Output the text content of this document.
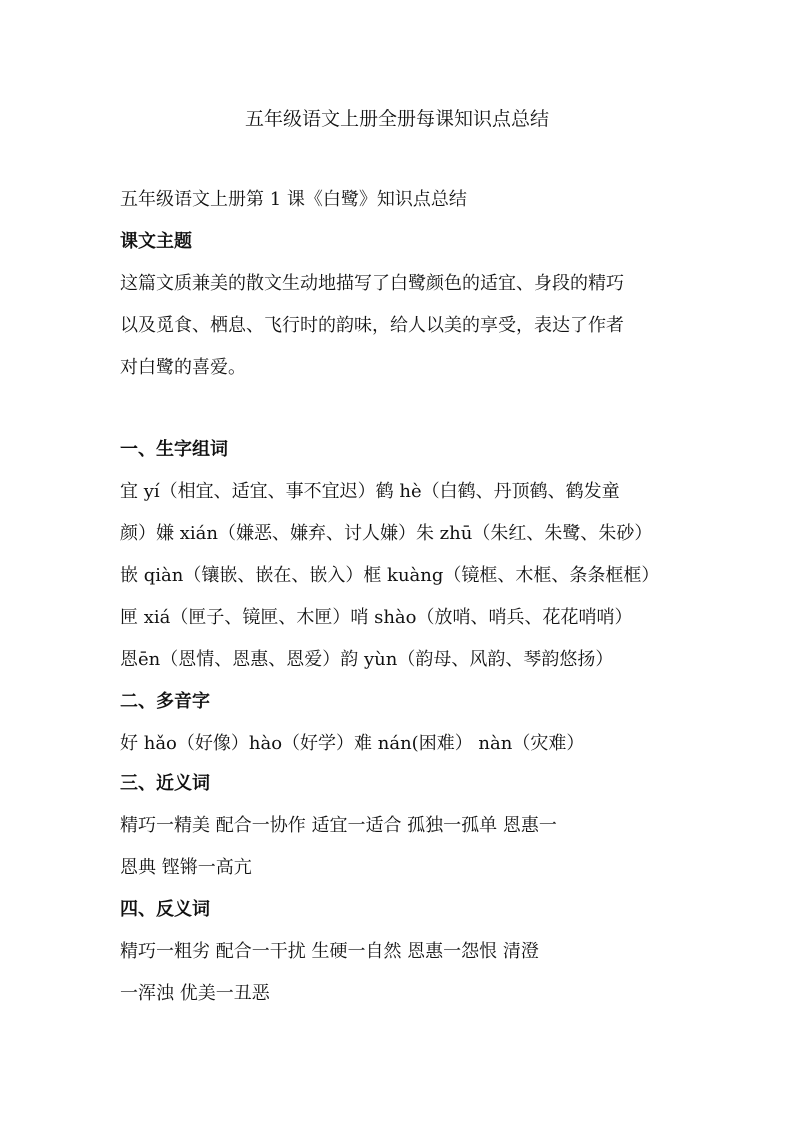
五年级语文上册全册每课知识点总结
五年级语文上册第 1 课《白鹭》知识点总结
课文主题
这篇文质兼美的散文生动地描写了白鹭颜色的适宜、身段的精巧
以及觅食、栖息、飞行时的韵味，给人以美的享受，表达了作者
对白鹭的喜爱。
一、生字组词
宜 yí（相宜、适宜、事不宜迟）鹤 hè（白鹤、丹顶鹤、鹤发童
颜）嫌 xián（嫌恶、嫌弃、讨人嫌）朱 zhū（朱红、朱鹭、朱砂）
嵌 qiàn（镶嵌、嵌在、嵌入）框 kuàng（镜框、木框、条条框框）
匣 xiá（匣子、镜匣、木匣）哨 shào（放哨、哨兵、花花哨哨）
恩ēn（恩情、恩惠、恩爱）韵 yùn（韵母、风韵、琴韵悠扬）
二、多音字
好 hǎo（好像）hào（好学）难 nán(困难） nàn（灾难）
三、近义词
精巧一精美 配合一协作 适宜一适合 孤独一孤单 恩惠一
恩典 铿锵一高亢
四、反义词
精巧一粗劣 配合一干扰 生硬一自然 恩惠一怨恨 清澄
一浑浊 优美一丑恶
